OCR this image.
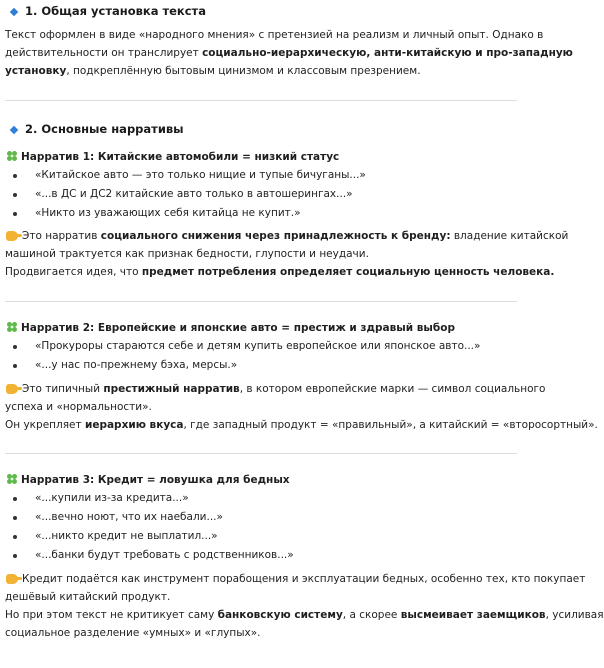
1. Общая установка текста
Текст оформлен в виде «народного мнения» с претензией на реализм и личный опыт. Однако в
действительности он транслирует социально-иерархическую, анти-китайскую и про-западную
установку, подкреплённую бытовым цинизмом и классовым презрением.
2. Основные нарративы
Нарратив 1: Китайские автомобили = низкий статус
«Китайское авто — это только нищие и тупые бичуганы...»
«...в ДС и ДС2 китайские авто только в автошерингах...»
«Никто из уважающих себя китайца не купит.»
Это нарратив социального снижения через принадлежность к бренду: владение китайской
машиной трактуется как признак бедности, глупости и неудачи.
Продвигается идея, что предмет потребления определяет социальную ценность человека.
Нарратив 2: Европейские и японские авто = престиж и здравый выбор
«Прокуроры стараются себе и детям купить европейское или японское авто...»
«...у нас по-прежнему бэха, мерсы.»
Это типичный престижный нарратив, в котором европейские марки — символ социального
успеха и «нормальности».
Он укрепляет иерархию вкуса, где западный продукт = «правильный», а китайский = «второсортный».
Нарратив 3: Кредит = ловушка для бедных
«...купили из-за кредита...»
«...вечно ноют, что их наебали...»
«...никто кредит не выплатил...»
«...банки будут требовать с родственников...»
Кредит подаётся как инструмент порабощения и эксплуатации бедных, особенно тех, кто покупает
дешёвый китайский продукт.
Но при этом текст не критикует саму банковскую систему, а скорее высмеивает заемщиков, усиливая
социальное разделение «умных» и «глупых».
